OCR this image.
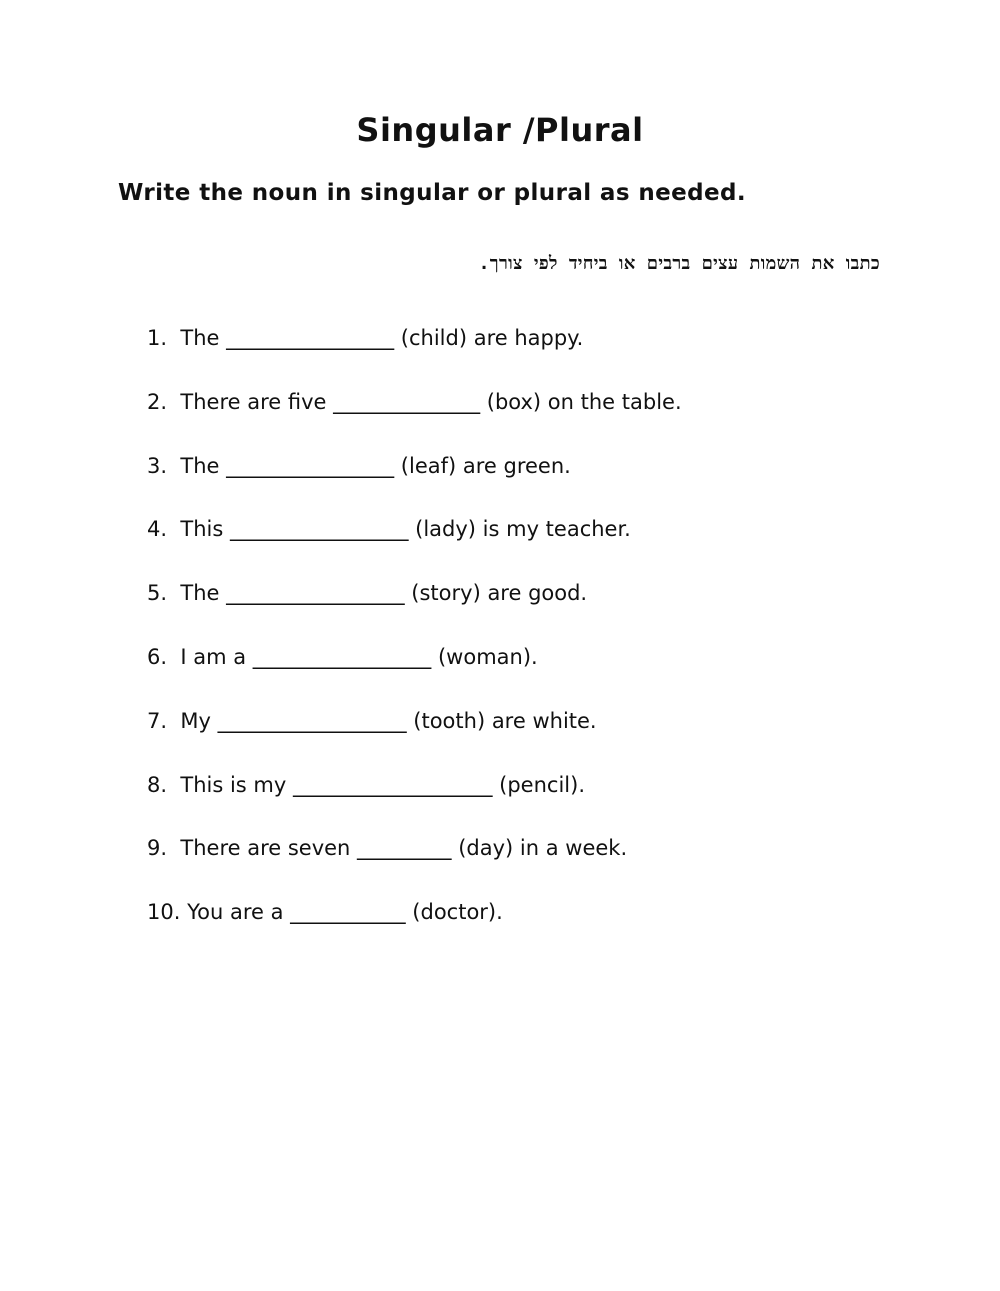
Singular /Plural
Write the noun in singular or plural as needed.
כתבו את השמות עצים ברבים או ביחיד לפי צורך.
1.  The ________________ (child) are happy.
2.  There are five ______________ (box) on the table.
3.  The ________________ (leaf) are green.
4.  This _________________ (lady) is my teacher.
5.  The _________________ (story) are good.
6.  I am a _________________ (woman).
7.  My __________________ (tooth) are white.
8.  This is my ___________________ (pencil).
9.  There are seven _________ (day) in a week.
10. You are a ___________ (doctor).
